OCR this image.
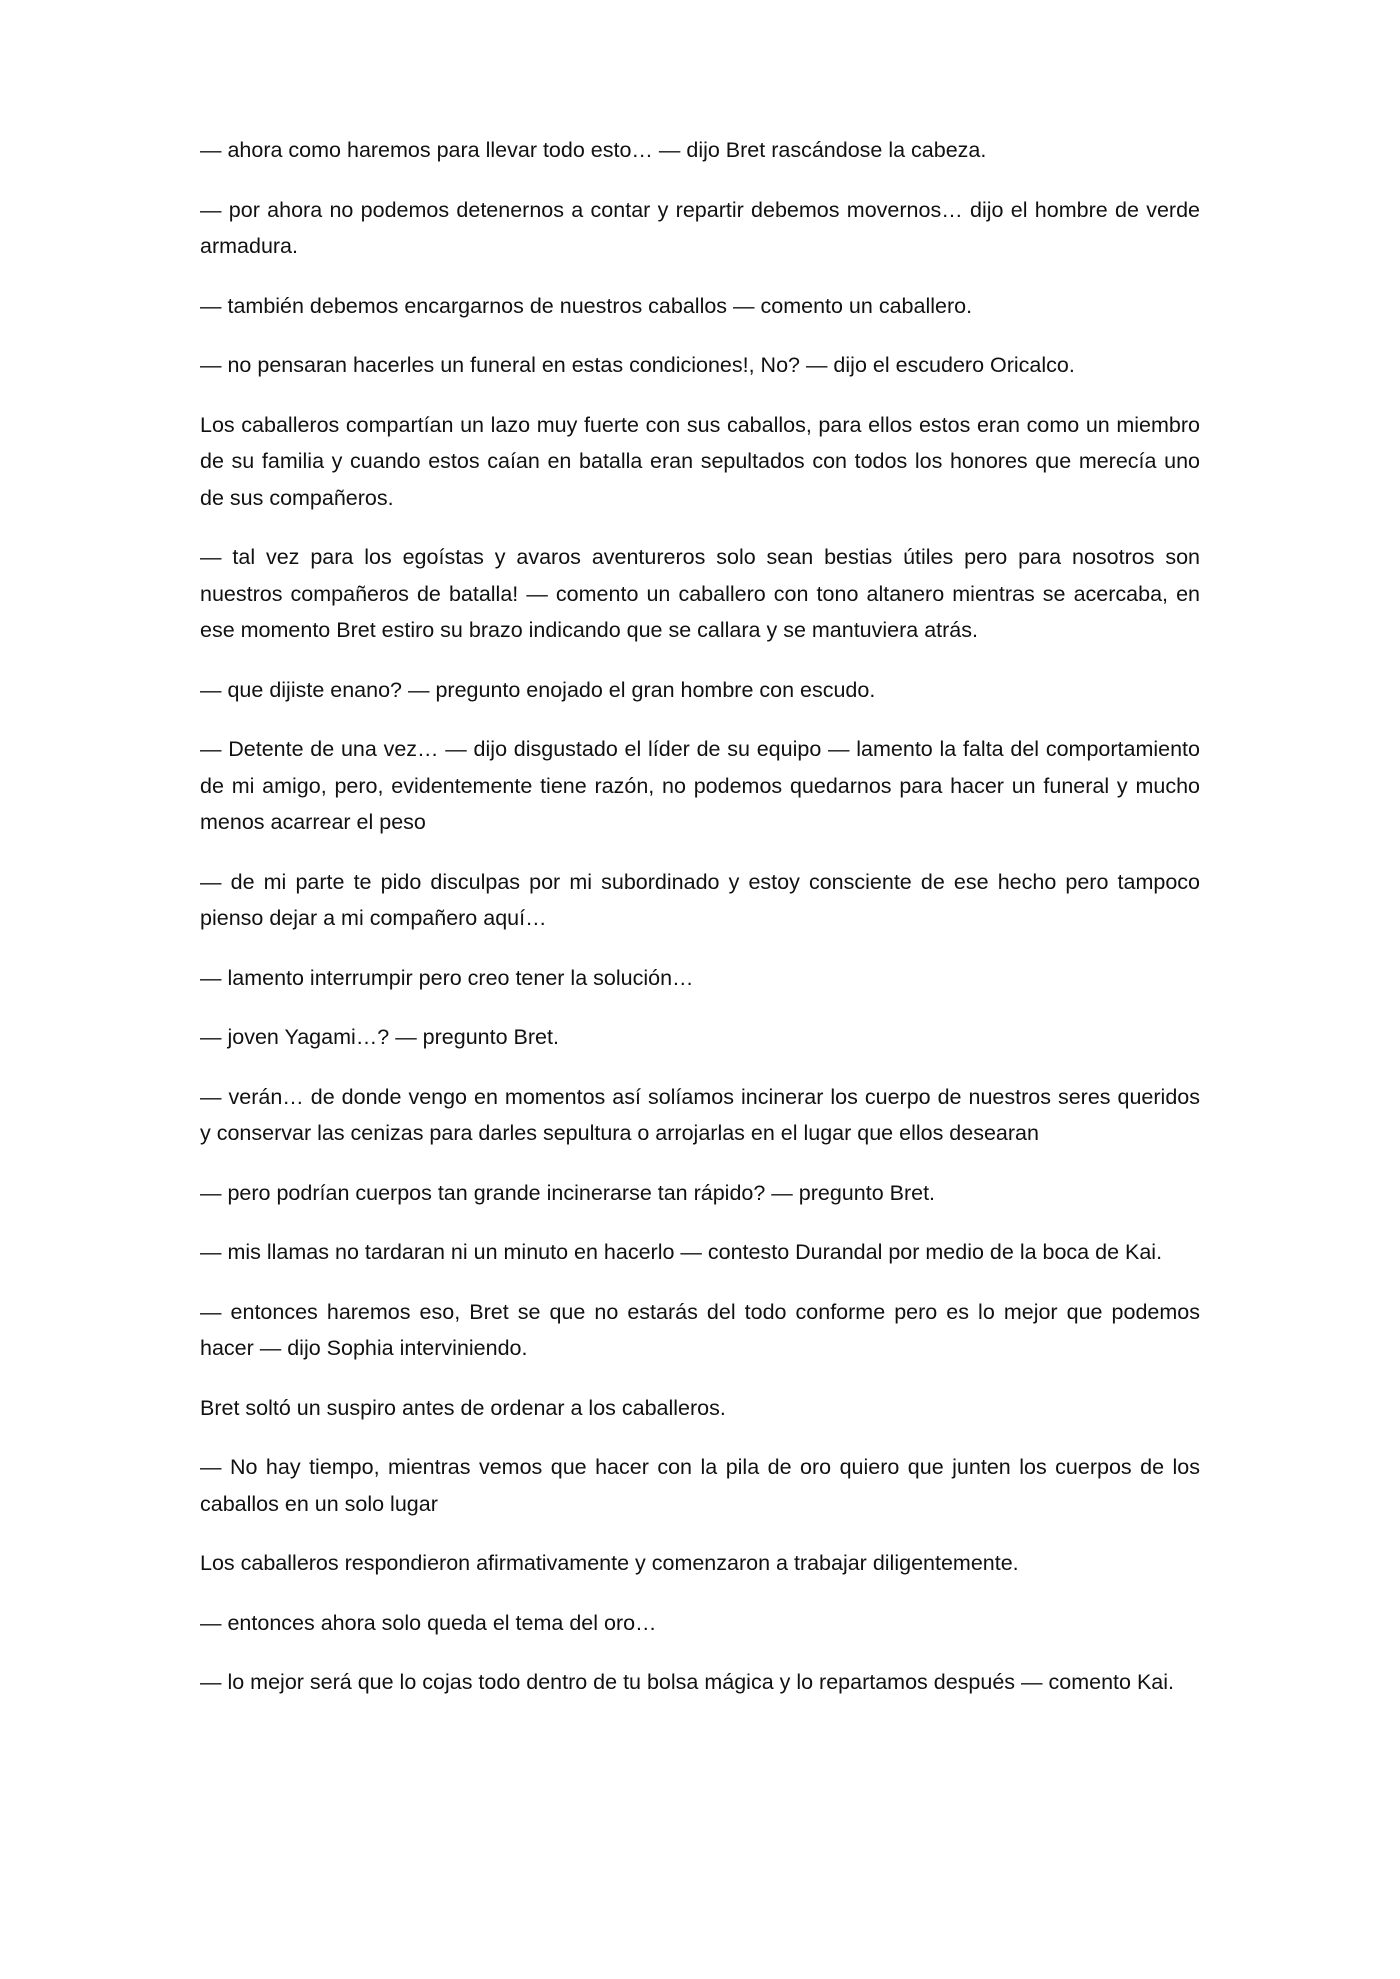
— ahora como haremos para llevar todo esto… — dijo Bret rascándose la cabeza.

— por ahora no podemos detenernos a contar y repartir debemos movernos… dijo el hombre de verde armadura.

— también debemos encargarnos de nuestros caballos — comento un caballero.

— no pensaran hacerles un funeral en estas condiciones!, No? — dijo el escudero Oricalco.

Los caballeros compartían un lazo muy fuerte con sus caballos, para ellos estos eran como un miembro de su familia y cuando estos caían en batalla eran sepultados con todos los honores que merecía uno de sus compañeros.

— tal vez para los egoístas y avaros aventureros solo sean bestias útiles pero para nosotros son nuestros compañeros de batalla! — comento un caballero con tono altanero mientras se acercaba, en ese momento Bret estiro su brazo indicando que se callara y se mantuviera atrás.

— que dijiste enano? — pregunto enojado el gran hombre con escudo.

— Detente de una vez… — dijo disgustado el líder de su equipo — lamento la falta del comportamiento de mi amigo, pero, evidentemente tiene razón, no podemos quedarnos para hacer un funeral y mucho menos acarrear el peso

— de mi parte te pido disculpas por mi subordinado y estoy consciente de ese hecho pero tampoco pienso dejar a mi compañero aquí…

— lamento interrumpir pero creo tener la solución…

— joven Yagami…? — pregunto Bret.

— verán… de donde vengo en momentos así solíamos incinerar los cuerpo de nuestros seres queridos y conservar las cenizas para darles sepultura o arrojarlas en el lugar que ellos desearan

— pero podrían cuerpos tan grande incinerarse tan rápido? — pregunto Bret.

— mis llamas no tardaran ni un minuto en hacerlo — contesto Durandal por medio de la boca de Kai.

— entonces haremos eso, Bret se que no estarás del todo conforme pero es lo mejor que podemos hacer — dijo Sophia interviniendo.

Bret soltó un suspiro antes de ordenar a los caballeros.

— No hay tiempo, mientras vemos que hacer con la pila de oro quiero que junten los cuerpos de los caballos en un solo lugar

Los caballeros respondieron afirmativamente y comenzaron a trabajar diligentemente.

— entonces ahora solo queda el tema del oro…

— lo mejor será que lo cojas todo dentro de tu bolsa mágica y lo repartamos después — comento Kai.
